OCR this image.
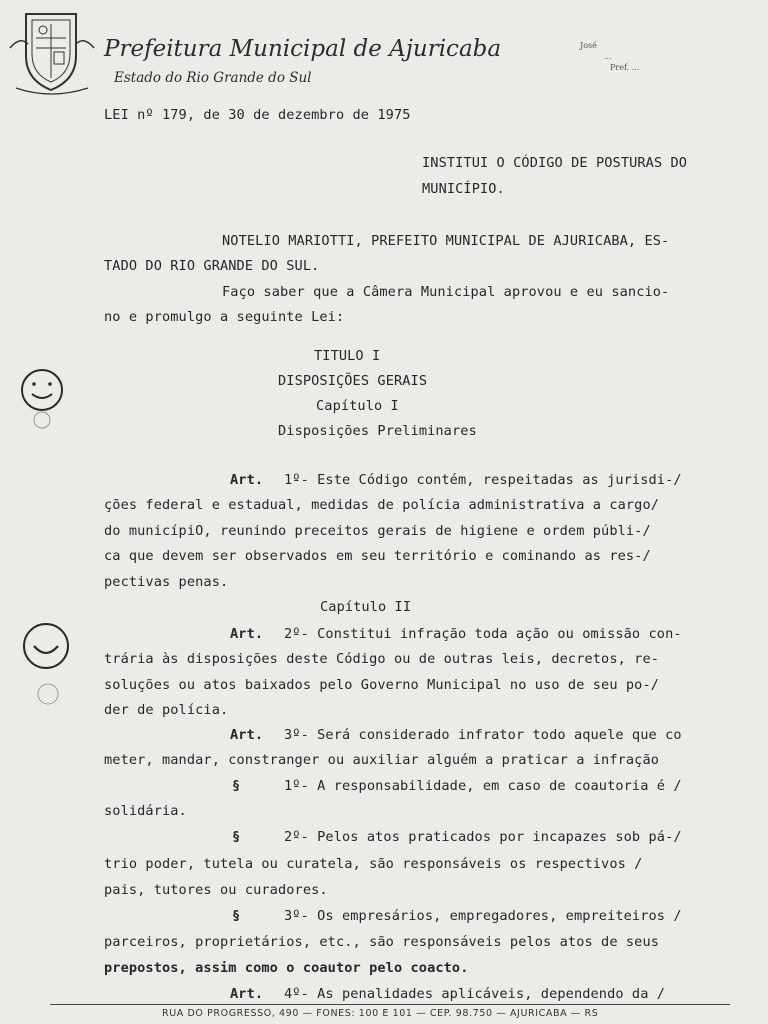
Prefeitura Municipal de Ajuricaba
Estado do Rio Grande do Sul
José
...
Pref. ...
LEI nº 179, de 30 de dezembro de 1975
INSTITUI O CÓDIGO DE POSTURAS DO
MUNICÍPIO.
NOTELIO MARIOTTI, PREFEITO MUNICIPAL DE AJURICABA, ES-
TADO DO RIO GRANDE DO SUL.
Faço saber que a Câmera Municipal aprovou e eu sancio-
no e promulgo a seguinte Lei:
TITULO I
DISPOSIÇÕES GERAIS
Capítulo I
Disposições Preliminares
Art. 1º- Este Código contém, respeitadas as jurisdi-/
ções federal e estadual, medidas de polícia administrativa a cargo/
do municípiO, reunindo preceitos gerais de higiene e ordem públi-/
ca que devem ser observados em seu território e cominando as res-/
pectivas penas.
Capítulo II
Art. 2º- Constitui infração toda ação ou omissão con-
trária às disposições deste Código ou de outras leis, decretos, re-
soluções ou atos baixados pelo Governo Municipal no uso de seu po-/
der de polícia.
Art. 3º- Será considerado infrator todo aquele que co
meter, mandar, constranger ou auxiliar alguém a praticar a infração
§	1º- A responsabilidade, em caso de coautoria é /
solidária.
§	2º- Pelos atos praticados por incapazes sob pá-/
trio poder, tutela ou curatela, são responsáveis os respectivos /
pais, tutores ou curadores.
§	3º- Os empresários, empregadores, empreiteiros /
parceiros, proprietários, etc., são responsáveis pelos atos de seus
prepostos, assim como o coautor pelo coacto.
Art. 4º- As penalidades aplicáveis, dependendo da /
RUA DO PROGRESSO, 490 — FONES: 100 E 101 — CEP. 98.750 — AJURICABA — RS
